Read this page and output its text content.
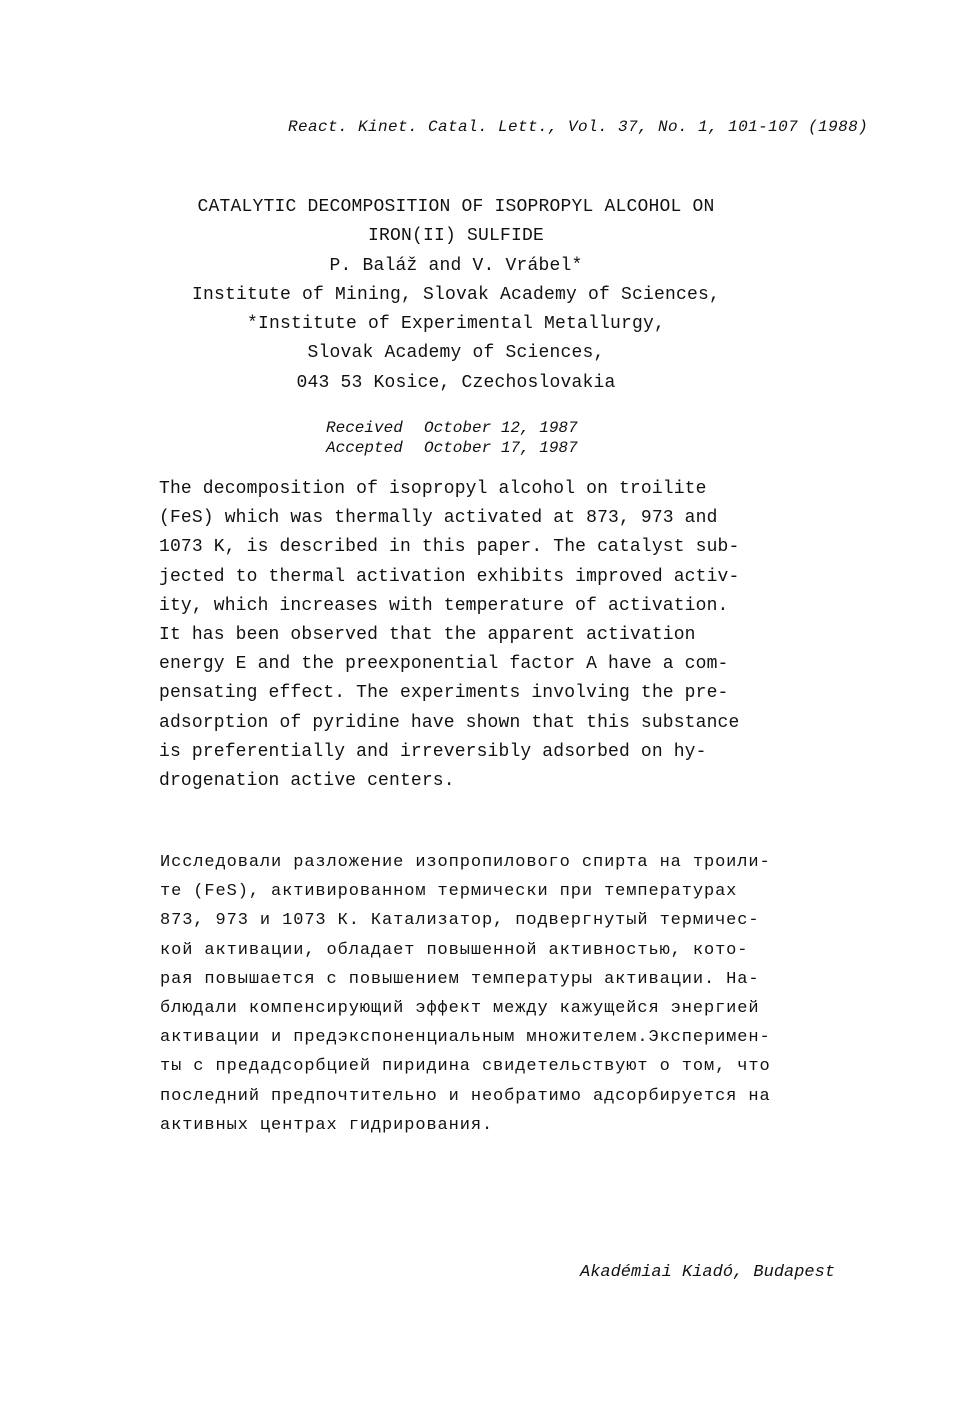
React. Kinet. Catal. Lett., Vol. 37, No. 1, 101-107 (1988)
CATALYTIC DECOMPOSITION OF ISOPROPYL ALCOHOL ON
IRON(II) SULFIDE
P. Baláž and V. Vrábel*
Institute of Mining, Slovak Academy of Sciences,
*Institute of Experimental Metallurgy,
Slovak Academy of Sciences,
043 53 Kosice, Czechoslovakia
Received October 12, 1987
Accepted October 17, 1987
The decomposition of isopropyl alcohol on troilite
(FeS) which was thermally activated at 873, 973 and
1073 K, is described in this paper. The catalyst sub-
jected to thermal activation exhibits improved activ-
ity, which increases with temperature of activation.
It has been observed that the apparent activation
energy E and the preexponential factor A have a com-
pensating effect. The experiments involving the pre-
adsorption of pyridine have shown that this substance
is preferentially and irreversibly adsorbed on hy-
drogenation active centers.
Исследовали разложение изопропилового спирта на троили-
те (FeS), активированном термически при температурах
873, 973 и 1073 К. Катализатор, подвергнутый термичес-
кой активации, обладает повышенной активностью, кото-
рая повышается с повышением температуры активации. На-
блюдали компенсирующий эффект между кажущейся энергией
активации и предэкспоненциальным множителем.Эксперимен-
ты с предадсорбцией пиридина свидетельствуют о том, что
последний предпочтительно и необратимо адсорбируется на
активных центрах гидрирования.
Akadémiai Kiadó, Budapest
